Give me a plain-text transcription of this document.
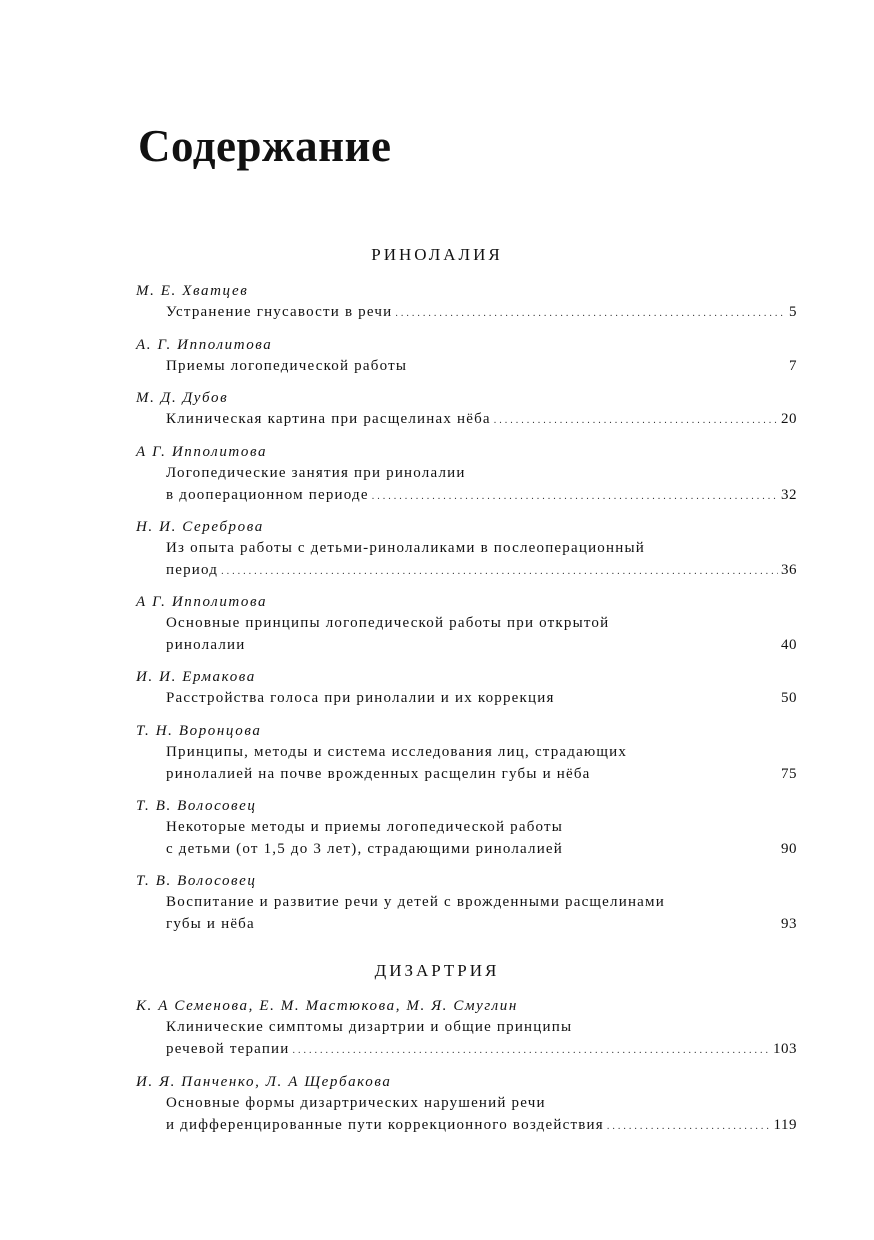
Содержание
РИНОЛАЛИЯ
М. Е. Хватцев
Устранение гнусавости в речи .....	5
А. Г. Ипполитова
Приемы логопедической работы	7
М. Д. Дубов
Клиническая картина при расщелинах нёба .....	20
А Г. Ипполитова
Логопедические занятия при ринолалии
в дооперационном периоде .....	32
Н. И. Сереброва
Из опыта работы с детьми-ринолаликами в послеоперационный
период .....	36
А Г. Ипполитова
Основные принципы логопедической работы при открытой
ринолалии	40
И. И. Ермакова
Расстройства голоса при ринолалии и их коррекция	50
Т. Н. Воронцова
Принципы, методы и система исследования лиц, страдающих
ринолалией на почве врожденных расщелин губы и нёба	75
Т. В. Волосовец
Некоторые методы и приемы логопедической работы
с детьми (от 1,5 до 3 лет), страдающими ринолалией	90
Т. В. Волосовец
Воспитание и развитие речи у детей с врожденными расщелинами
губы и нёба	93
ДИЗАРТРИЯ
К. А Семенова, Е. М. Мастюкова, М. Я. Смуглин
Клинические симптомы дизартрии и общие принципы
речевой терапии .....	103
И. Я. Панченко, Л. А Щербакова
Основные формы дизартрических нарушений речи
и дифференцированные пути коррекционного воздействия .....	119
